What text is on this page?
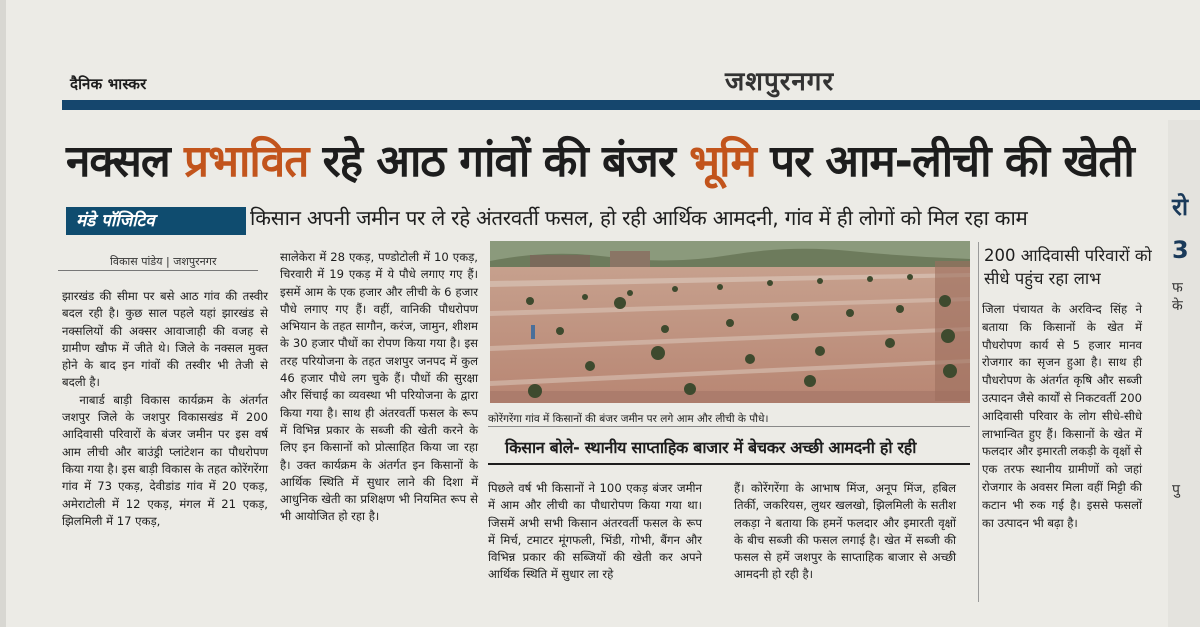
दैनिक भास्कर	जशपुरनगर
नक्सल प्रभावित रहे आठ गांवों की बंजर भूमि पर आम-लीची की खेती
मंडे पॉजिटिव	किसान अपनी जमीन पर ले रहे अंतरवर्ती फसल, हो रही आर्थिक आमदनी, गांव में ही लोगों को मिल रहा काम
विकास पांडेय | जशपुरनगर

झारखंड की सीमा पर बसे आठ गांव की तस्वीर बदल रही है। कुछ साल पहले यहां झारखंड से नक्सलियों की अक्सर आवाजाही की वजह से ग्रामीण खौफ में जीते थे। जिले के नक्सल मुक्त होने के बाद इन गांवों की तस्वीर भी तेजी से बदली है।

नाबार्ड बाड़ी विकास कार्यक्रम के अंतर्गत जशपुर जिले के जशपुर विकासखंड में 200 आदिवासी परिवारों के बंजर जमीन पर इस वर्ष आम लीची और बाउंड्री प्लांटेशन का पौधरोपण किया गया है। इस बाड़ी विकास के तहत कोरेंगरेंगा गांव में 73 एकड़, देवीडांड गांव में 20 एकड़, अमेराटोली में 12 एकड़, मंगल में 21 एकड़, झिलमिली में 17 एकड़,

सालेकेरा में 28 एकड़, पण्डोटोली में 10 एकड़, चिरवारी में 19 एकड़ में ये पौधे लगाए गए हैं। इसमें आम के एक हजार और लीची के 6 हजार पौधे लगाए गए हैं। वहीं, वानिकी पौधरोपण अभियान के तहत सागौन, करंज, जामुन, शीशम के 30 हजार पौधों का रोपण किया गया है। इस तरह परियोजना के तहत जशपुर जनपद में कुल 46 हजार पौधे लग चुके हैं। पौधों की सुरक्षा और सिंचाई का व्यवस्था भी परियोजना के द्वारा किया गया है। साथ ही अंतरवर्ती फसल के रूप में विभिन्न प्रकार के सब्जी की खेती करने के लिए इन किसानों को प्रोत्साहित किया जा रहा है। उक्त कार्यक्रम के अंतर्गत इन किसानों के आर्थिक स्थिति में सुधार लाने की दिशा में आधुनिक खेती का प्रशिक्षण भी नियमित रूप से भी आयोजित हो रहा है।

कोरेंगरेंगा गांव में किसानों की बंजर जमीन पर लगे आम और लीची के पौधे।
किसान बोले- स्थानीय साप्ताहिक बाजार में बेचकर अच्छी आमदनी हो रही

पिछले वर्ष भी किसानों ने 100 एकड़ बंजर जमीन में आम और लीची का पौधारोपण किया गया था। जिसमें अभी सभी किसान अंतरवर्ती फसल के रूप में मिर्च, टमाटर मूंगफली, भिंडी, गोभी, बैंगन और विभिन्न प्रकार की सब्जियों की खेती कर अपने आर्थिक स्थिति में सुधार ला रहे

हैं। कोरेंगरेंगा के आभाष मिंज, अनूप मिंज, हबिल तिर्की, जकरियस, लुथर खलखो, झिलमिली के सतीश लकड़ा ने बताया कि हमनें फलदार और इमारती वृक्षों के बीच सब्जी की फसल लगाई है। खेत में सब्जी की फसल से हमें जशपुर के साप्ताहिक बाजार से अच्छी आमदनी हो रही है।

200 आदिवासी परिवारों को सीधे पहुंच रहा लाभ

जिला पंचायत के अरविन्द सिंह ने बताया कि किसानों के खेत में पौधरोपण कार्य से 5 हजार मानव रोजगार का सृजन हुआ है। साथ ही पौधरोपण के अंतर्गत कृषि और सब्जी उत्पादन जैसे कार्यों से निकटवर्ती 200 आदिवासी परिवार के लोग सीधे-सीधे लाभान्वित हुए हैं। किसानों के खेत में फलदार और इमारती लकड़ी के वृक्षों से एक तरफ स्थानीय ग्रामीणों को जहां रोजगार के अवसर मिला वहीं मिट्टी की कटान भी रुक गई है। इससे फसलों का उत्पादन भी बढ़ा है।

रो
3
फ
के
पु
